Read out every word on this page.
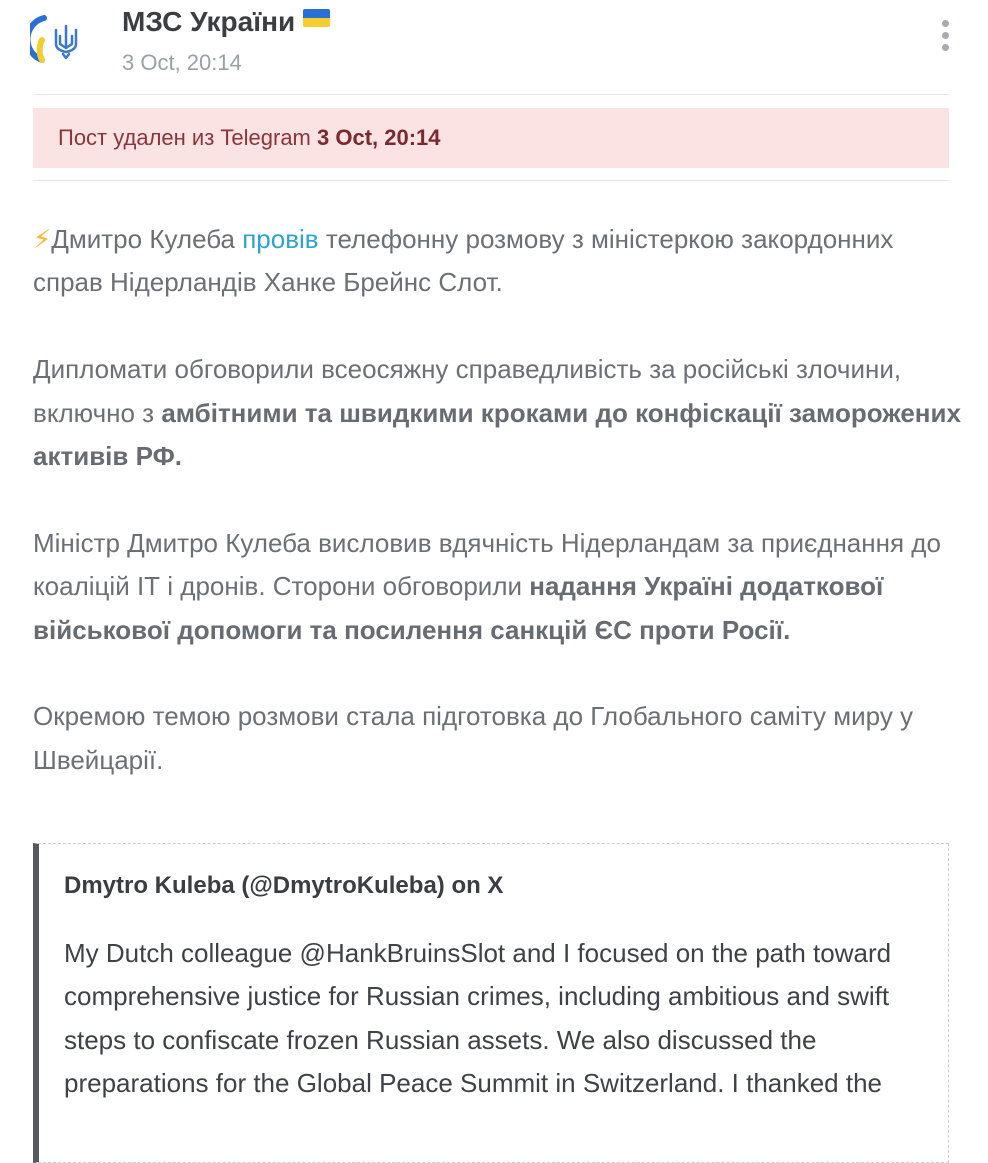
МЗС України
3 Oct, 20:14
Пост удален из Telegram 3 Oct, 20:14

⚡Дмитро Кулеба провів телефонну розмову з міністеркою закордонних справ Нідерландів Ханке Брейнс Слот.

Дипломати обговорили всеосяжну справедливість за російські злочини, включно з амбітними та швидкими кроками до конфіскації заморожених активів РФ.

Міністр Дмитро Кулеба висловив вдячність Нідерландам за приєднання до коаліцій ІТ і дронів. Сторони обговорили надання Україні додаткової військової допомоги та посилення санкцій ЄС проти Росії.

Окремою темою розмови стала підготовка до Глобального саміту миру у Швейцарії.

Dmytro Kuleba (@DmytroKuleba) on X
My Dutch colleague @HankBruinsSlot and I focused on the path toward comprehensive justice for Russian crimes, including ambitious and swift steps to confiscate frozen Russian assets. We also discussed the preparations for the Global Peace Summit in Switzerland. I thanked the
